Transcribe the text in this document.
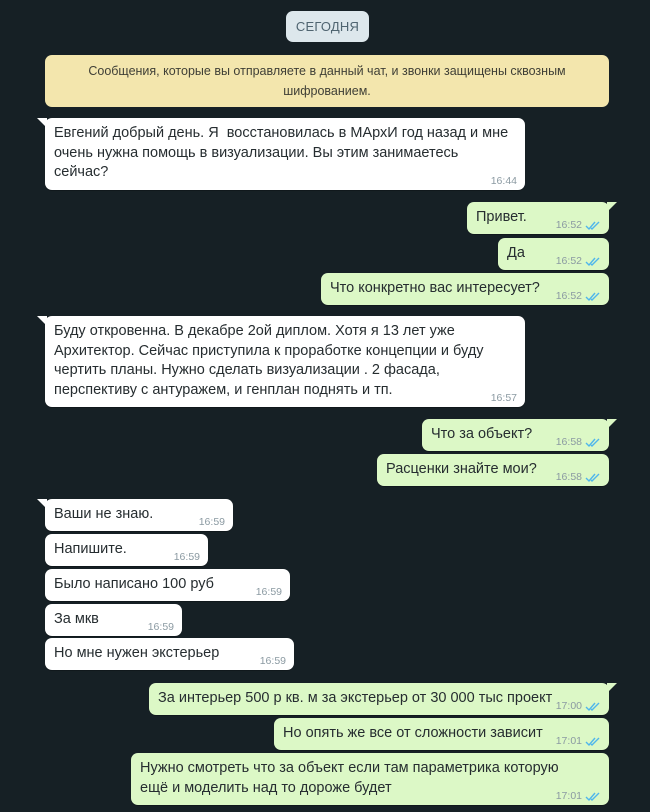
СЕГОДНЯ
Сообщения, которые вы отправляете в данный чат, и звонки защищены сквозным шифрованием.
Евгений добрый день. Я  восстановилась в МАрхИ год назад и мне очень нужна помощь в визуализации. Вы этим занимаетесь сейчас?
16:44
Привет.	16:52
Да	16:52
Что конкретно вас интересует?	16:52
Буду откровенна. В декабре 2ой диплом. Хотя я 13 лет уже Архитектор. Сейчас приступила к проработке концепции и буду чертить планы. Нужно сделать визуализации . 2 фасада, перспективу с антуражем, и генплан поднять и тп.
16:57
Что за объект?	16:58
Расценки знайте мои?	16:58
Ваши не знаю.	16:59
Напишите.	16:59
Было написано 100 руб	16:59
За мкв	16:59
Но мне нужен экстерьер	16:59
За интерьер 500 р кв. м за экстерьер от 30 000 тыс проект 17:00
Но опять же все от сложности зависит	17:01
Нужно смотреть что за объект если там параметрика которую ещё и моделить над то дороже будет
17:01
